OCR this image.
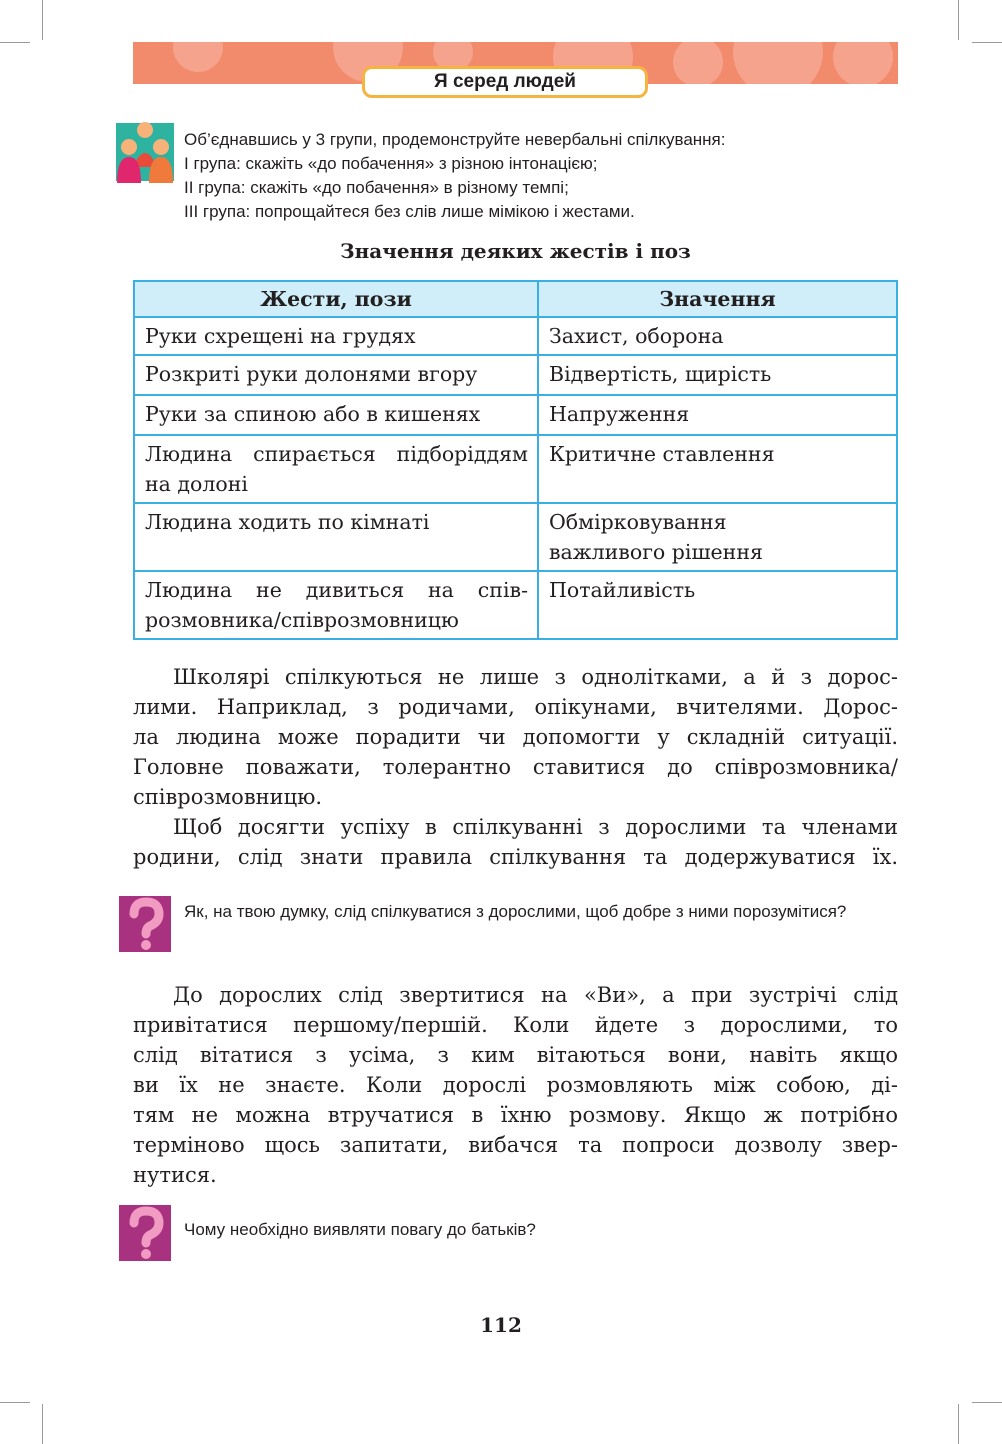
Я серед людей
Об’єднавшись у 3 групи, продемонструйте невербальні спілкування:
І група: скажіть «до побачення» з різною інтонацією;
ІІ група: скажіть «до побачення» в різному темпі;
ІІІ група: попрощайтеся без слів лише мімікою і жестами.
Значення деяких жестів і поз
Жести, пози	Значення
Руки схрещені на грудях	Захист, оборона
Розкриті руки долонями вгору	Відвертість, щирість
Руки за спиною або в кишенях	Напруження
Людина спирається підборіддям на долоні	Критичне ставлення
Людина ходить по кімнаті	Обмірковування важливого рішення
Людина не дивиться на співрозмовника/співрозмовницю	Потайливість
Школярі спілкуються не лише з однолітками, а й з дорос-
лими. Наприклад, з родичами, опікунами, вчителями. Дорос-
ла людина може порадити чи допомогти у складній ситуації.
Головне поважати, толерантно ставитися до співрозмовника/
співрозмовницю.
Щоб досягти успіху в спілкуванні з дорослими та членами
родини, слід знати правила спілкування та додержуватися їх.
Як, на твою думку, слід спілкуватися з дорослими, щоб добре з ними порозумітися?
До дорослих слід звертитися на «Ви», а при зустрічі слід
привітатися першому/першій. Коли йдете з дорослими, то
слід вітатися з усіма, з ким вітаються вони, навіть якщо
ви їх не знаєте. Коли дорослі розмовляють між собою, ді-
тям не можна втручатися в їхню розмову. Якщо ж потрібно
терміново щось запитати, вибачся та попроси дозволу звер-
нутися.
Чому необхідно виявляти повагу до батьків?
112
